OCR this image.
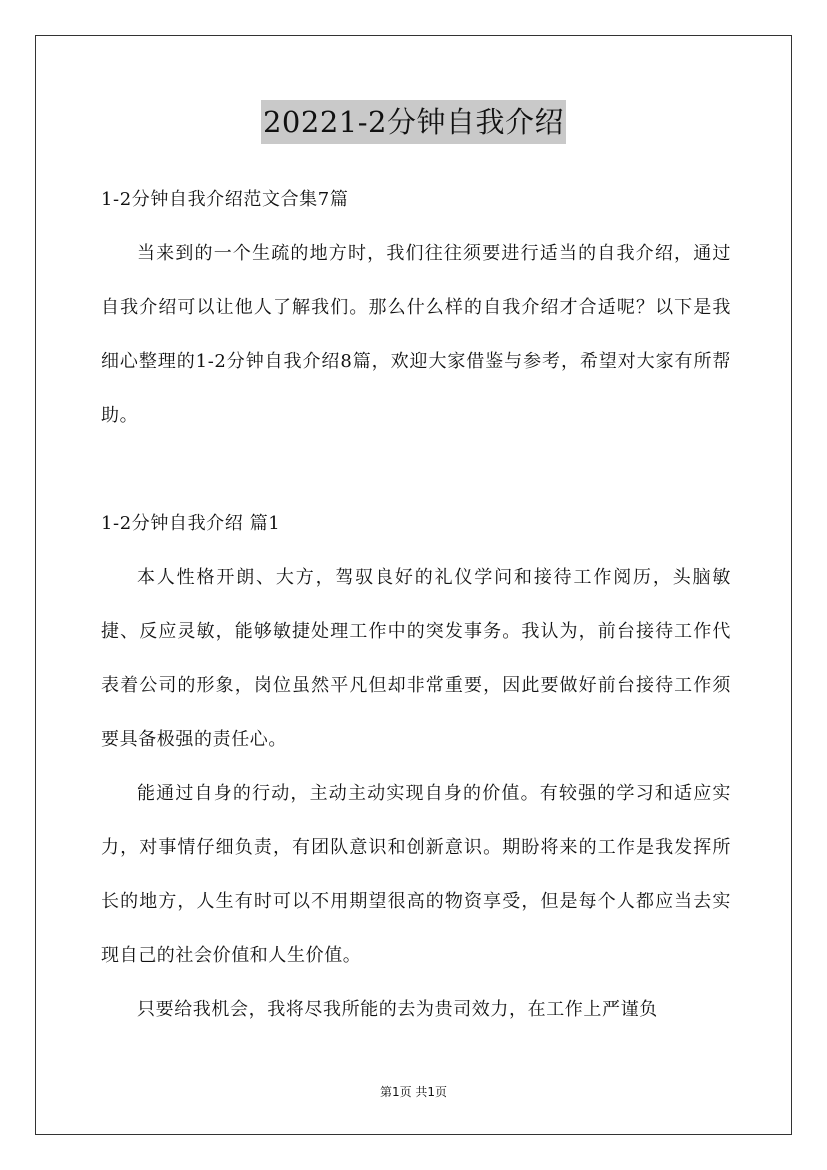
20221-2分钟自我介绍

1-2分钟自我介绍范文合集7篇

当来到的一个生疏的地方时，我们往往须要进行适当的自我介绍，通过自我介绍可以让他人了解我们。那么什么样的自我介绍才合适呢？以下是我细心整理的1-2分钟自我介绍8篇，欢迎大家借鉴与参考，希望对大家有所帮助。

1-2分钟自我介绍 篇1

本人性格开朗、大方，驾驭良好的礼仪学问和接待工作阅历，头脑敏捷、反应灵敏，能够敏捷处理工作中的突发事务。我认为，前台接待工作代表着公司的形象，岗位虽然平凡但却非常重要，因此要做好前台接待工作须要具备极强的责任心。

能通过自身的行动，主动主动实现自身的价值。有较强的学习和适应实力，对事情仔细负责，有团队意识和创新意识。期盼将来的工作是我发挥所长的地方，人生有时可以不用期望很高的物资享受，但是每个人都应当去实现自己的社会价值和人生价值。

只要给我机会，我将尽我所能的去为贵司效力，在工作上严谨负

第1页 共1页
